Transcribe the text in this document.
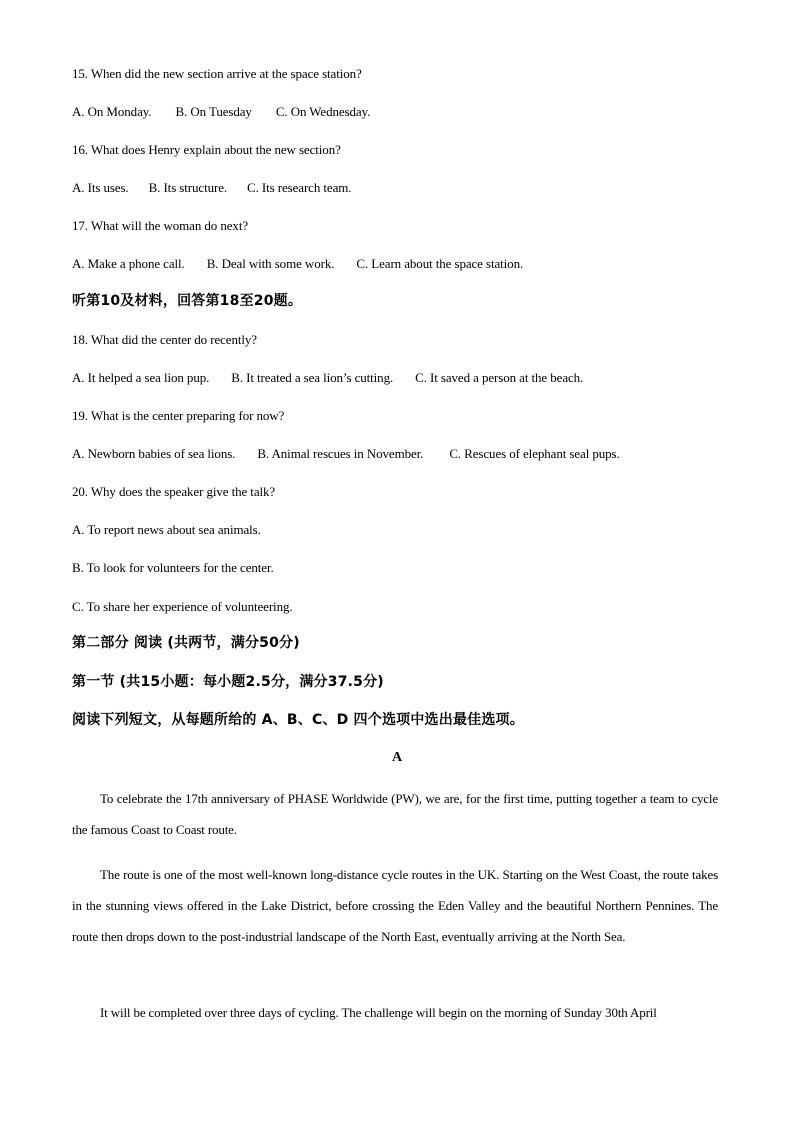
15. When did the new section arrive at the space station?
A. On Monday. B. On Tuesday C. On Wednesday.
16. What does Henry explain about the new section?
A. Its uses. B. Its structure. C. Its research team.
17. What will the woman do next?
A. Make a phone call. B. Deal with some work. C. Learn about the space station.
听第10及材料，回答第18至20题。
18. What did the center do recently?
A. It helped a sea lion pup. B. It treated a sea lion’s cutting. C. It saved a person at the beach.
19. What is the center preparing for now?
A. Newborn babies of sea lions. B. Animal rescues in November. C. Rescues of elephant seal pups.
20. Why does the speaker give the talk?
A. To report news about sea animals.
B. To look for volunteers for the center.
C. To share her experience of volunteering.
第二部分 阅读 (共两节，满分50分)
第一节 (共15小题：每小题2.5分，满分37.5分)
阅读下列短文，从每题所给的 A、B、C、D 四个选项中选出最佳选项。
A
To celebrate the 17th anniversary of PHASE Worldwide (PW), we are, for the first time, putting together a team to cycle the famous Coast to Coast route.
The route is one of the most well-known long-distance cycle routes in the UK. Starting on the West Coast, the route takes in the stunning views offered in the Lake District, before crossing the Eden Valley and the beautiful Northern Pennines. The route then drops down to the post-industrial landscape of the North East, eventually arriving at the North Sea.
It will be completed over three days of cycling. The challenge will begin on the morning of Sunday 30th April
